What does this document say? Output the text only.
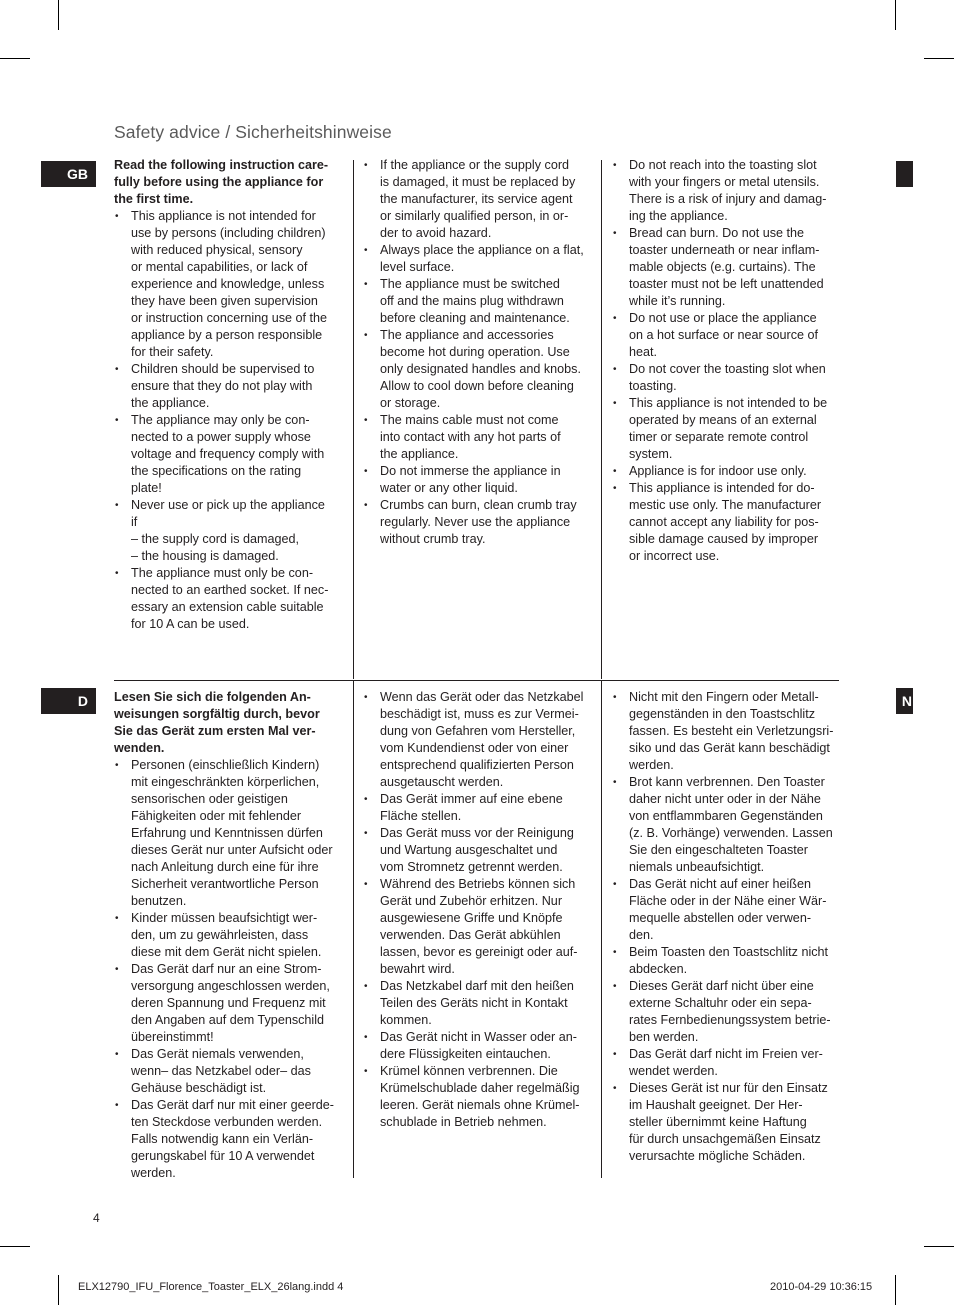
Safety advice / Sicherheitshinweise
GB
D	N

Read the following instruction care-
fully before using the appliance for
the first time.

• This appliance is not intended for
use by persons (including children)
with reduced physical, sensory
or mental capabilities, or lack of
experience and knowledge, unless
they have been given supervision
or instruction concerning use of the
appliance by a person responsible
for their safety.
• Children should be supervised to
ensure that they do not play with
the appliance.
• The appliance may only be con-
nected to a power supply whose
voltage and frequency comply with
the specifications on the rating
plate!
• Never use or pick up the appliance
if
– the supply cord is damaged,
– the housing is damaged.
• The appliance must only be con-
nected to an earthed socket. If nec-
essary an extension cable suitable
for 10 A can be used.
• If the appliance or the supply cord
is damaged, it must be replaced by
the manufacturer, its service agent
or similarly qualified person, in or-
der to avoid hazard.
• Always place the appliance on a flat,
level surface.
• The appliance must be switched
off and the mains plug withdrawn
before cleaning and maintenance.
• The appliance and accessories
become hot during operation. Use
only designated handles and knobs.
Allow to cool down before cleaning
or storage.
• The mains cable must not come
into contact with any hot parts of
the appliance.
• Do not immerse the appliance in
water or any other liquid.
• Crumbs can burn, clean crumb tray
regularly. Never use the appliance
without crumb tray.
• Do not reach into the toasting slot
with your fingers or metal utensils.
There is a risk of injury and damag-
ing the appliance.
• Bread can burn. Do not use the
toaster underneath or near inflam-
mable objects (e.g. curtains). The
toaster must not be left unattended
while it’s running.
• Do not use or place the appliance
on a hot surface or near source of
heat.
• Do not cover the toasting slot when
toasting.
• This appliance is not intended to be
operated by means of an external
timer or separate remote control
system.
• Appliance is for indoor use only.
• This appliance is intended for do-
mestic use only. The manufacturer
cannot accept any liability for pos-
sible damage caused by improper
or incorrect use.

Lesen Sie sich die folgenden An-
weisungen sorgfältig durch, bevor
Sie das Gerät zum ersten Mal ver-
wenden.

• Personen (einschließlich Kindern)
mit eingeschränkten körperlichen,
sensorischen oder geistigen
Fähigkeiten oder mit fehlender
Erfahrung und Kenntnissen dürfen
dieses Gerät nur unter Aufsicht oder
nach Anleitung durch eine für ihre
Sicherheit verantwortliche Person
benutzen.
• Kinder müssen beaufsichtigt wer-
den, um zu gewährleisten, dass
diese mit dem Gerät nicht spielen.
• Das Gerät darf nur an eine Strom-
versorgung angeschlossen werden,
deren Spannung und Frequenz mit
den Angaben auf dem Typenschild
übereinstimmt!
• Das Gerät niemals verwenden,
wenn– das Netzkabel oder– das
Gehäuse beschädigt ist.
• Das Gerät darf nur mit einer geerde-
ten Steckdose verbunden werden.
Falls notwendig kann ein Verlän-
gerungskabel für 10 A verwendet
werden.
• Wenn das Gerät oder das Netzkabel
beschädigt ist, muss es zur Vermei-
dung von Gefahren vom Hersteller,
vom Kundendienst oder von einer
entsprechend qualifizierten Person
ausgetauscht werden.
• Das Gerät immer auf eine ebene
Fläche stellen.
• Das Gerät muss vor der Reinigung
und Wartung ausgeschaltet und
vom Stromnetz getrennt werden.
• Während des Betriebs können sich
Gerät und Zubehör erhitzen. Nur
ausgewiesene Griffe und Knöpfe
verwenden. Das Gerät abkühlen
lassen, bevor es gereinigt oder auf-
bewahrt wird.
• Das Netzkabel darf mit den heißen
Teilen des Geräts nicht in Kontakt
kommen.
• Das Gerät nicht in Wasser oder an-
dere Flüssigkeiten eintauchen.
• Krümel können verbrennen. Die
Krümelschublade daher regelmäßig
leeren. Gerät niemals ohne Krümel-
schublade in Betrieb nehmen.
• Nicht mit den Fingern oder Metall-
gegenständen in den Toastschlitz
fassen. Es besteht ein Verletzungsri-
siko und das Gerät kann beschädigt
werden.
• Brot kann verbrennen. Den Toaster
daher nicht unter oder in der Nähe
von entflammbaren Gegenständen
(z. B. Vorhänge) verwenden. Lassen
Sie den eingeschalteten Toaster
niemals unbeaufsichtigt.
• Das Gerät nicht auf einer heißen
Fläche oder in der Nähe einer Wär-
mequelle abstellen oder verwen-
den.
• Beim Toasten den Toastschlitz nicht
abdecken.
• Dieses Gerät darf nicht über eine
externe Schaltuhr oder ein sepa-
rates Fernbedienungssystem betrie-
ben werden.
• Das Gerät darf nicht im Freien ver-
wendet werden.
• Dieses Gerät ist nur für den Einsatz
im Haushalt geeignet. Der Her-
steller übernimmt keine Haftung
für durch unsachgemäßen Einsatz
verursachte mögliche Schäden.
4
ELX12790_IFU_Florence_Toaster_ELX_26lang.indd 4	2010-04-29 10:36:15
